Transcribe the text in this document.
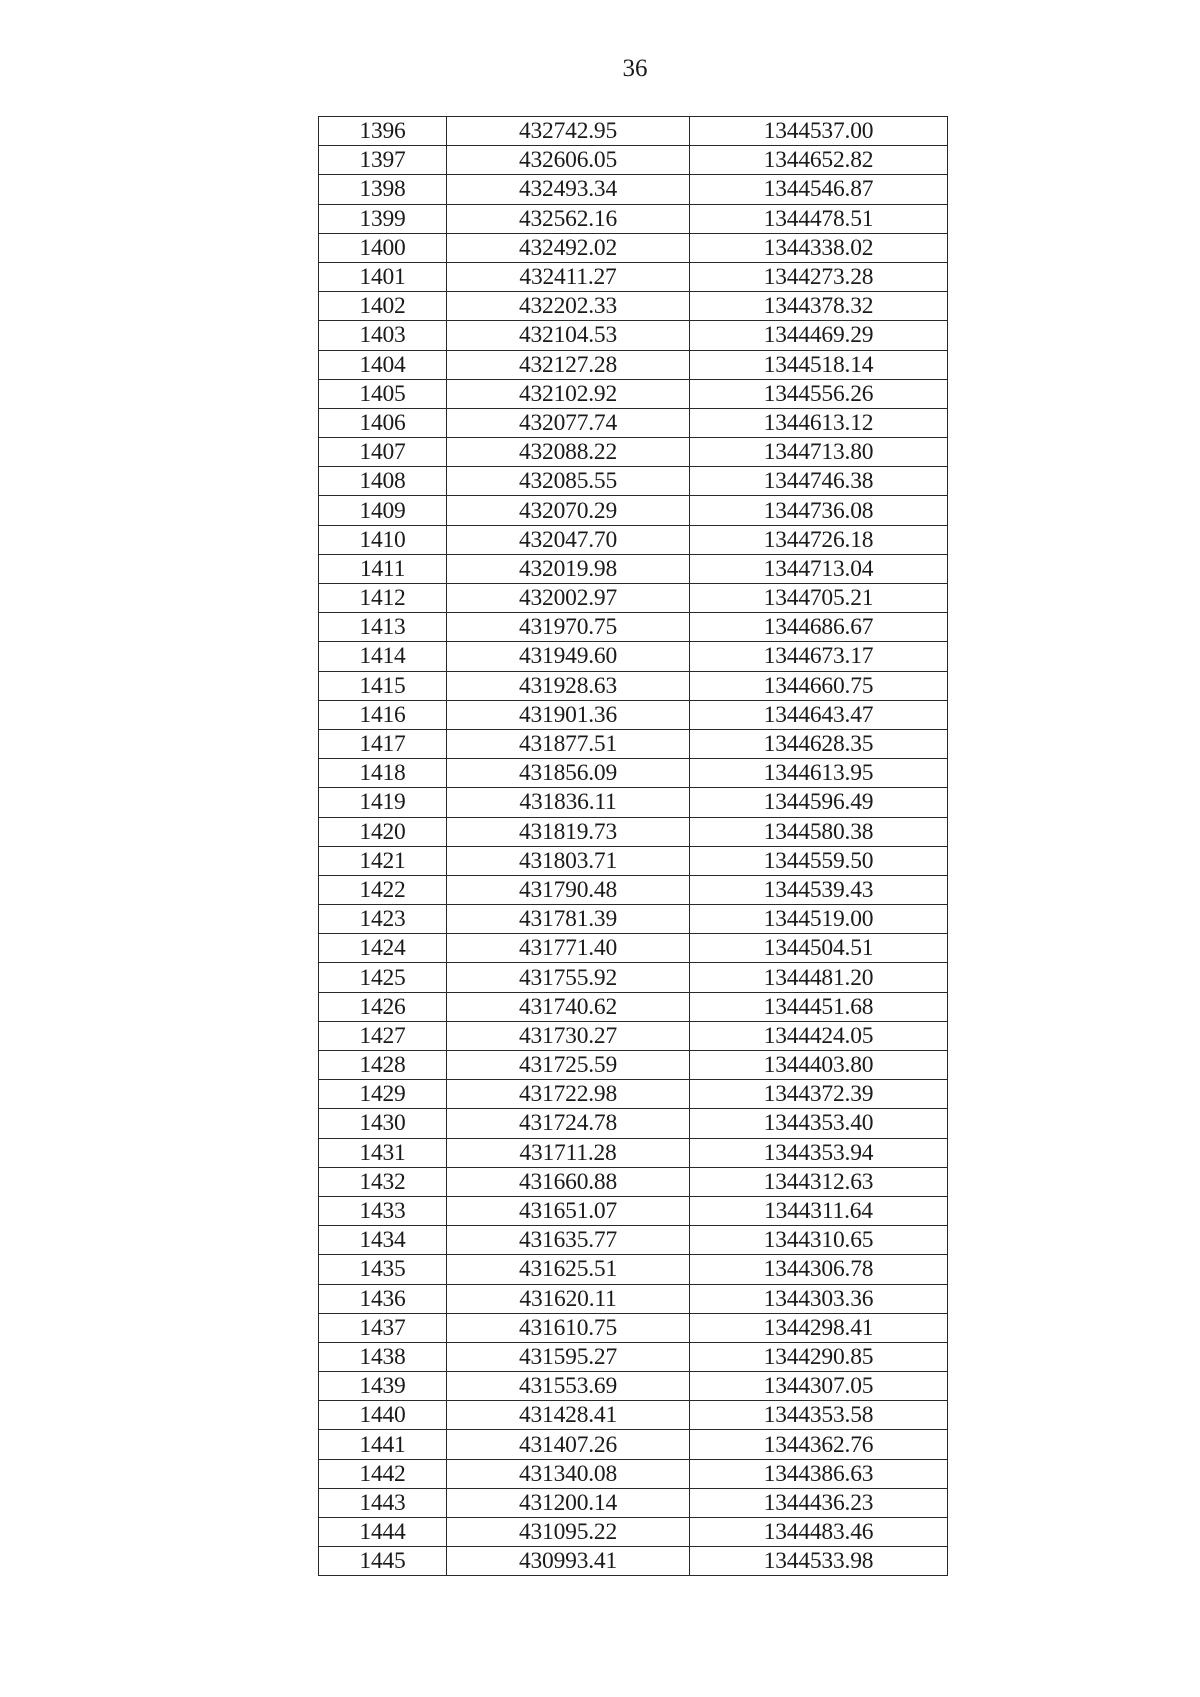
36
1396	432742.95	1344537.00
1397	432606.05	1344652.82
1398	432493.34	1344546.87
1399	432562.16	1344478.51
1400	432492.02	1344338.02
1401	432411.27	1344273.28
1402	432202.33	1344378.32
1403	432104.53	1344469.29
1404	432127.28	1344518.14
1405	432102.92	1344556.26
1406	432077.74	1344613.12
1407	432088.22	1344713.80
1408	432085.55	1344746.38
1409	432070.29	1344736.08
1410	432047.70	1344726.18
1411	432019.98	1344713.04
1412	432002.97	1344705.21
1413	431970.75	1344686.67
1414	431949.60	1344673.17
1415	431928.63	1344660.75
1416	431901.36	1344643.47
1417	431877.51	1344628.35
1418	431856.09	1344613.95
1419	431836.11	1344596.49
1420	431819.73	1344580.38
1421	431803.71	1344559.50
1422	431790.48	1344539.43
1423	431781.39	1344519.00
1424	431771.40	1344504.51
1425	431755.92	1344481.20
1426	431740.62	1344451.68
1427	431730.27	1344424.05
1428	431725.59	1344403.80
1429	431722.98	1344372.39
1430	431724.78	1344353.40
1431	431711.28	1344353.94
1432	431660.88	1344312.63
1433	431651.07	1344311.64
1434	431635.77	1344310.65
1435	431625.51	1344306.78
1436	431620.11	1344303.36
1437	431610.75	1344298.41
1438	431595.27	1344290.85
1439	431553.69	1344307.05
1440	431428.41	1344353.58
1441	431407.26	1344362.76
1442	431340.08	1344386.63
1443	431200.14	1344436.23
1444	431095.22	1344483.46
1445	430993.41	1344533.98
